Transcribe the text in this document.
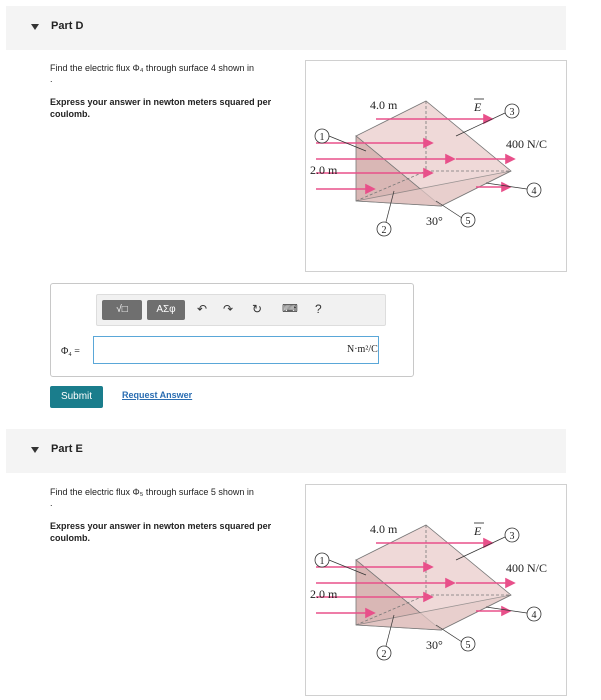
Part D
Find the electric flux Φ₄ through surface 4 shown in
.
Express your answer in newton meters squared per coulomb.
4.0 m
2.0 m
30°
E
400 N/C
1
2
3
4
5
√□	ΑΣφ	↶ ↷ ↻ ⌨ ?
Φ₄ =	N·m²/C
Submit	Request Answer
Part E
Find the electric flux Φ₅ through surface 5 shown in
.
Express your answer in newton meters squared per coulomb.
4.0 m
2.0 m
30°
E
400 N/C
1
2
3
4
5
